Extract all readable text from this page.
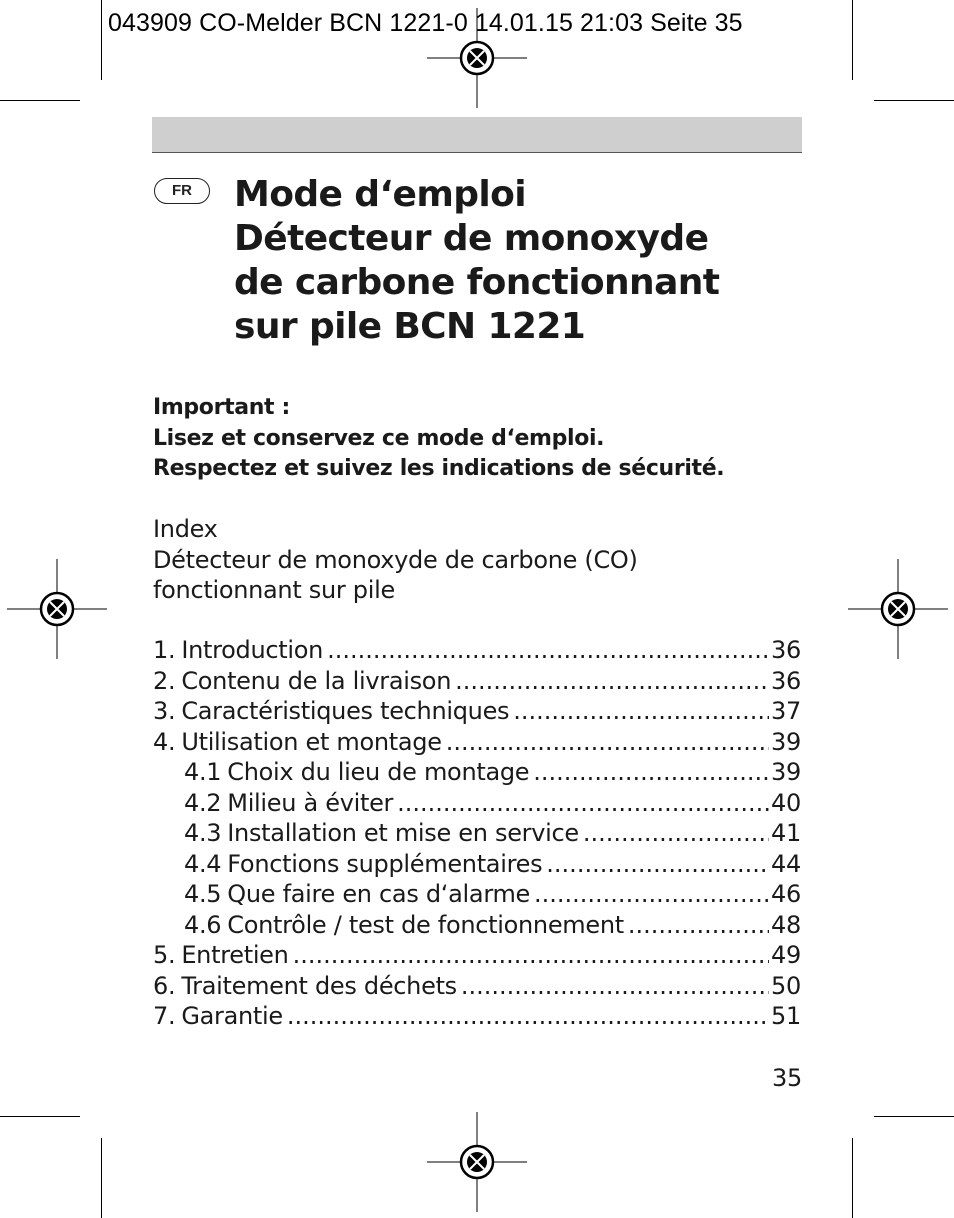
043909 CO-Melder BCN 1221-0 14.01.15 21:03 Seite 35
FR	Mode d‘emploi
Détecteur de monoxyde
de carbone fonctionnant
sur pile BCN 1221
Important :
Lisez et conservez ce mode d‘emploi.
Respectez et suivez les indications de sécurité.
Index
Détecteur de monoxyde de carbone (CO)
fonctionnant sur pile
1. Introduction .....	36
2. Contenu de la livraison .....	36
3. Caractéristiques techniques .....	37
4. Utilisation et montage .....	39
4.1 Choix du lieu de montage .....	39
4.2 Milieu à éviter .....	40
4.3 Installation et mise en service .....	41
4.4 Fonctions supplémentaires .....	44
4.5 Que faire en cas d‘alarme .....	46
4.6 Contrôle / test de fonctionnement .....	48
5. Entretien .....	49
6. Traitement des déchets .....	50
7. Garantie .....	51
35
